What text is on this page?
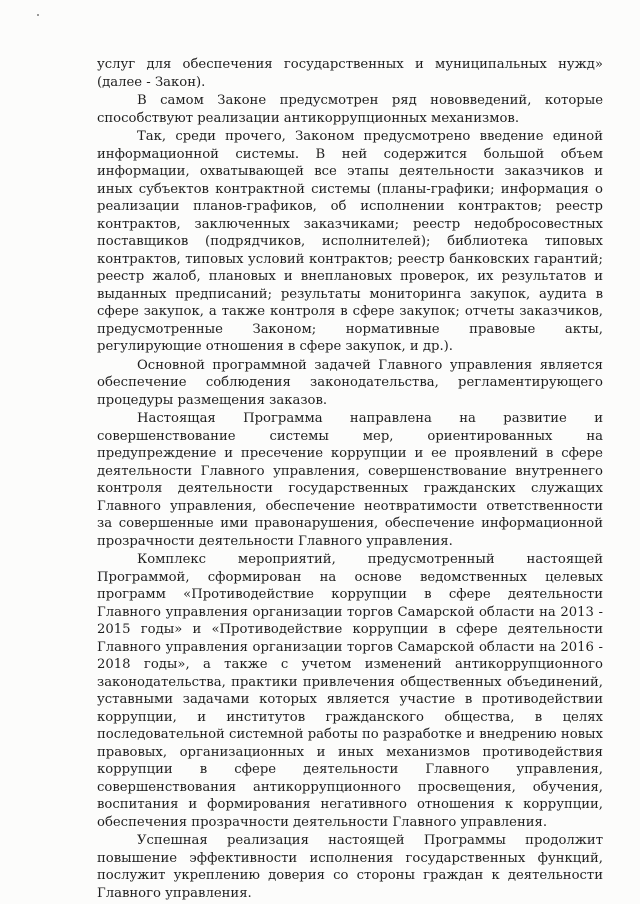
услуг для обеспечения государственных и муниципальных нужд» (далее - Закон).

В самом Законе предусмотрен ряд нововведений, которые способствуют реализации антикоррупционных механизмов.

Так, среди прочего, Законом предусмотрено введение единой информационной системы. В ней содержится большой объем информации, охватывающей все этапы деятельности заказчиков и иных субъектов контрактной системы (планы-графики; информация о реализации планов-графиков, об исполнении контрактов; реестр контрактов, заключенных заказчиками; реестр недобросовестных поставщиков (подрядчиков, исполнителей); библиотека типовых контрактов, типовых условий контрактов; реестр банковских гарантий; реестр жалоб, плановых и внеплановых проверок, их результатов и выданных предписаний; результаты мониторинга закупок, аудита в сфере закупок, а также контроля в сфере закупок; отчеты заказчиков, предусмотренные Законом; нормативные правовые акты, регулирующие отношения в сфере закупок, и др.).

Основной программной задачей Главного управления является обеспечение соблюдения законодательства, регламентирующего процедуры размещения заказов.

Настоящая Программа направлена на развитие и совершенствование системы мер, ориентированных на предупреждение и пресечение коррупции и ее проявлений в сфере деятельности Главного управления, совершенствование внутреннего контроля деятельности государственных гражданских служащих Главного управления, обеспечение неотвратимости ответственности за совершенные ими правонарушения, обеспечение информационной прозрачности деятельности Главного управления.

Комплекс мероприятий, предусмотренный настоящей Программой, сформирован на основе ведомственных целевых программ «Противодействие коррупции в сфере деятельности Главного управления организации торгов Самарской области на 2013 - 2015 годы» и «Противодействие коррупции в сфере деятельности Главного управления организации торгов Самарской области на 2016 - 2018 годы», а также с учетом изменений антикоррупционного законодательства, практики привлечения общественных объединений, уставными задачами которых является участие в противодействии коррупции, и институтов гражданского общества, в целях последовательной системной работы по разработке и внедрению новых правовых, организационных и иных механизмов противодействия коррупции в сфере деятельности Главного управления, совершенствования антикоррупционного просвещения, обучения, воспитания и формирования негативного отношения к коррупции, обеспечения прозрачности деятельности Главного управления.

Успешная реализация настоящей Программы продолжит повышение эффективности исполнения государственных функций, послужит укреплению доверия со стороны граждан к деятельности Главного управления.
